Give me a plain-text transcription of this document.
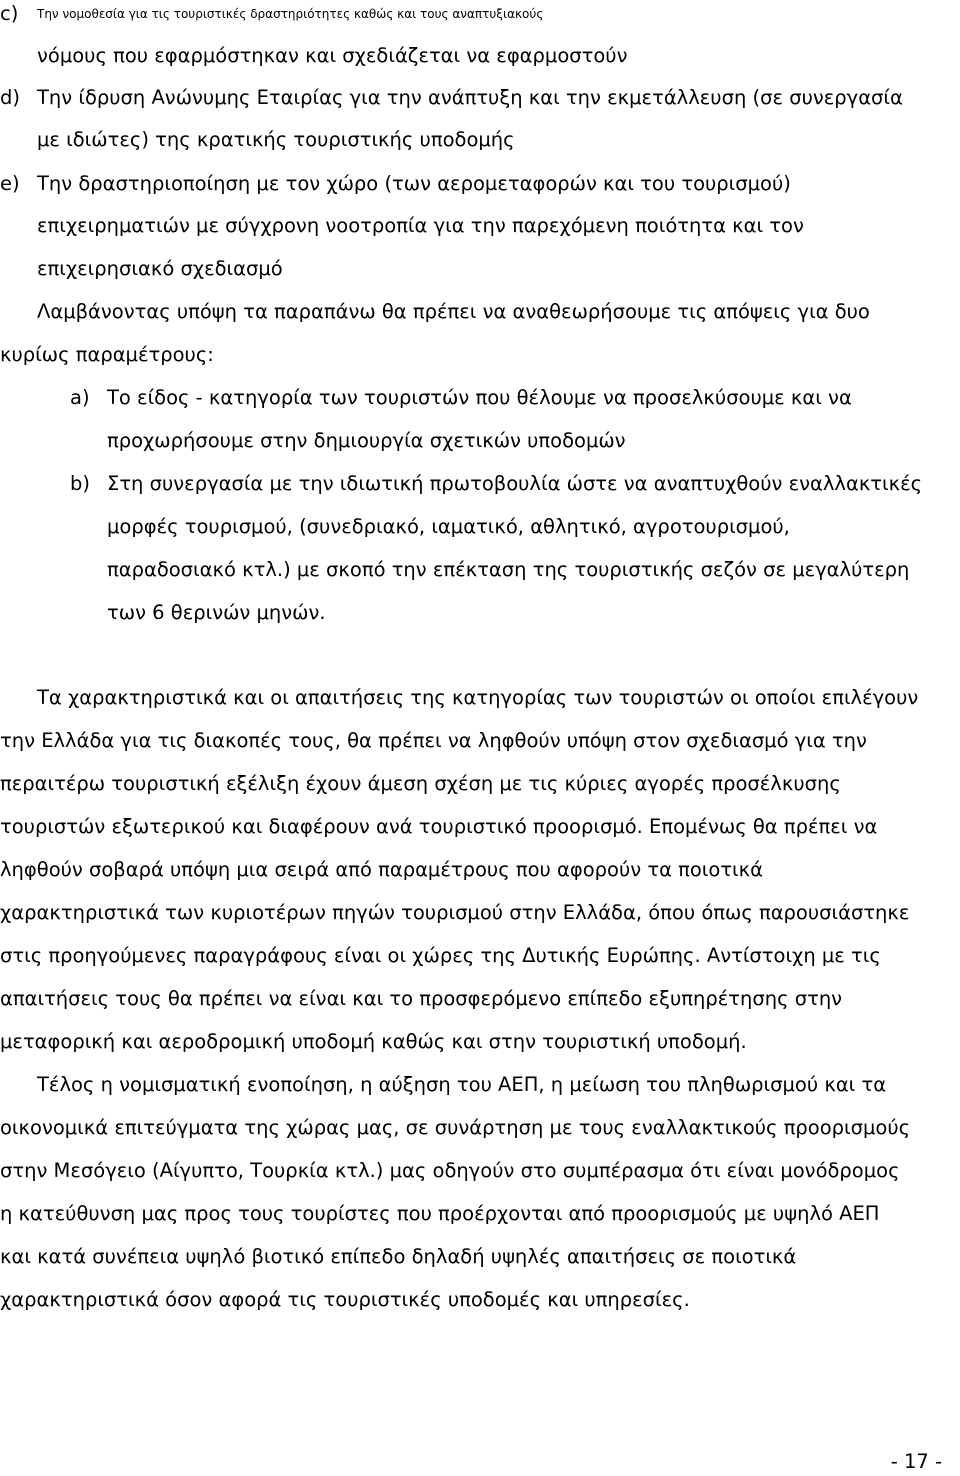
c) Την νομοθεσία για τις τουριστικές δραστηριότητες καθώς και τους αναπτυξιακούς
νόμους που εφαρμόστηκαν και σχεδιάζεται να εφαρμοστούν
d) Την ίδρυση Ανώνυμης Εταιρίας για την ανάπτυξη και την εκμετάλλευση (σε συνεργασία
με ιδιώτες) της κρατικής τουριστικής υποδομής
e) Την δραστηριοποίηση με τον χώρο (των αεροµεταφορών και του τουρισμού)
επιχειρηματιών με σύγχρονη νοοτροπία για την παρεχόμενη ποιότητα και τον
επιχειρησιακό σχεδιασμό
Λαμβάνοντας υπόψη τα παραπάνω θα πρέπει να αναθεωρήσουμε τις απόψεις για δυο
κυρίως παραμέτρους:
a) Το είδος - κατηγορία των τουριστών που θέλουμε να προσελκύσουμε και να
προχωρήσουμε στην δημιουργία σχετικών υποδομών
b) Στη συνεργασία με την ιδιωτική πρωτοβουλία ώστε να αναπτυχθούν εναλλακτικές
μορφές τουρισμού, (συνεδριακό, ιαματικό, αθλητικό, αγροτουρισμού,
παραδοσιακό κτλ.) με σκοπό την επέκταση της τουριστικής σεζόν σε μεγαλύτερη
των 6 θερινών μηνών.
Τα χαρακτηριστικά και οι απαιτήσεις της κατηγορίας των τουριστών οι οποίοι επιλέγουν
την Ελλάδα για τις διακοπές τους, θα πρέπει να ληφθούν υπόψη στον σχεδιασμό για την
περαιτέρω τουριστική εξέλιξη έχουν άμεση σχέση με τις κύριες αγορές προσέλκυσης
τουριστών εξωτερικού και διαφέρουν ανά τουριστικό προορισμό. Επομένως θα πρέπει να
ληφθούν σοβαρά υπόψη μια σειρά από παραμέτρους που αφορούν τα ποιοτικά
χαρακτηριστικά των κυριοτέρων πηγών τουρισμού στην Ελλάδα, όπου όπως παρουσιάστηκε
στις προηγούμενες παραγράφους είναι οι χώρες της Δυτικής Ευρώπης. Αντίστοιχη με τις
απαιτήσεις τους θα πρέπει να είναι και το προσφερόμενο επίπεδο εξυπηρέτησης στην
μεταφορική και αεροδρομική υποδομή καθώς και στην τουριστική υποδομή.
Τέλος η νομισματική ενοποίηση, η αύξηση του ΑΕΠ, η μείωση του πληθωρισμού και τα
οικονομικά επιτεύγματα της χώρας μας, σε συνάρτηση με τους εναλλακτικούς προορισμούς
στην Μεσόγειο (Αίγυπτο, Τουρκία κτλ.) μας οδηγούν στο συμπέρασμα ότι είναι μονόδρομος
η κατεύθυνση μας προς τους τουρίστες που προέρχονται από προορισμούς με υψηλό ΑΕΠ
και κατά συνέπεια υψηλό βιοτικό επίπεδο δηλαδή υψηλές απαιτήσεις σε ποιοτικά
χαρακτηριστικά όσον αφορά τις τουριστικές υποδομές και υπηρεσίες.
- 17 -
